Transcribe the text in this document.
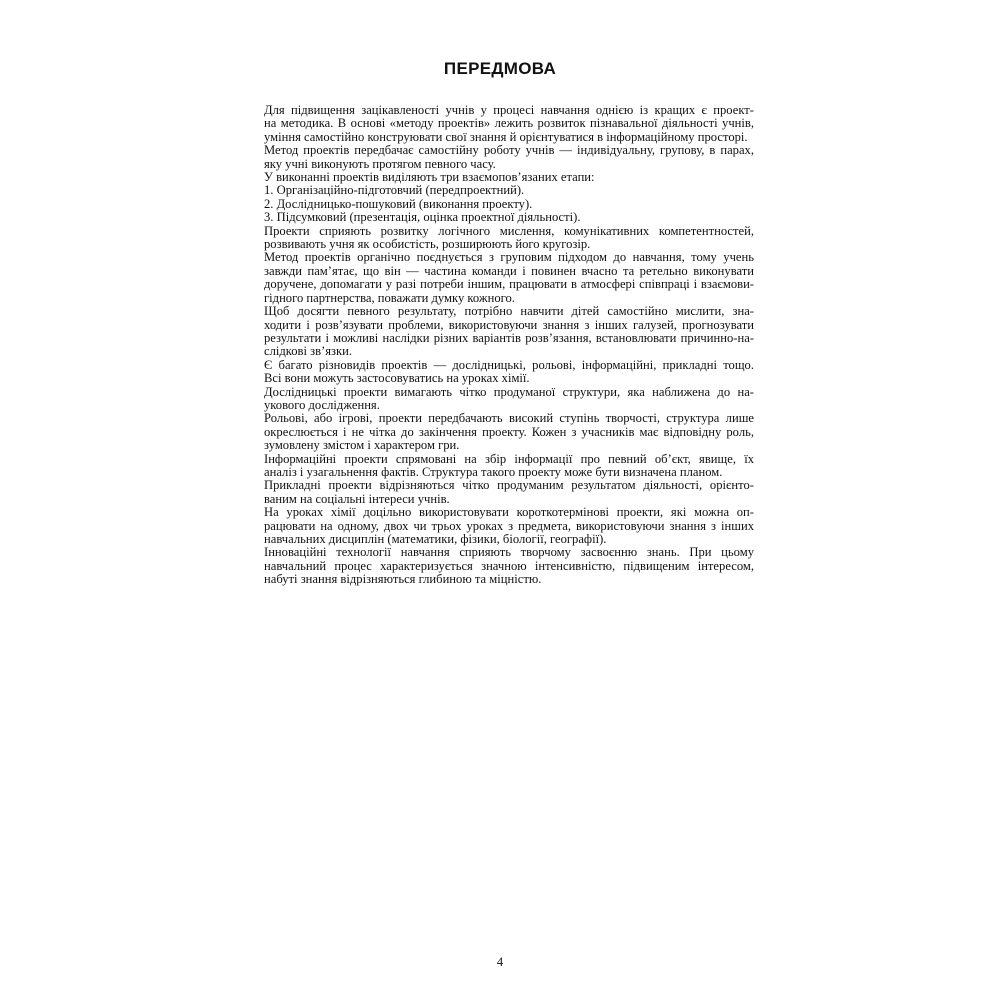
ПЕРЕДМОВА

Для підвищення зацікавленості учнів у процесі навчання однією із кращих є проект-
на методика. В основі «методу проектів» лежить розвиток пізнавальної діяльності учнів,
уміння самостійно конструювати свої знання й орієнтуватися в інформаційному просторі.

Метод проектів передбачає самостійну роботу учнів — індивідуальну, групову, в парах,
яку учні виконують протягом певного часу.

У виконанні проектів виділяють три взаємопов’язаних етапи:

1. Організаційно-підготовчий (передпроектний).

2. Дослідницько-пошуковий (виконання проекту).

3. Підсумковий (презентація, оцінка проектної діяльності).

Проекти сприяють розвитку логічного мислення, комунікативних компетентностей,
розвивають учня як особистість, розширюють його кругозір.

Метод проектів органічно поєднується з груповим підходом до навчання, тому учень
завжди пам’ятає, що він — частина команди і повинен вчасно та ретельно виконувати
доручене, допомагати у разі потреби іншим, працювати в атмосфері співпраці і взаємови-
гідного партнерства, поважати думку кожного.

Щоб досягти певного результату, потрібно навчити дітей самостійно мислити, зна-
ходити і розв’язувати проблеми, використовуючи знання з інших галузей, прогнозувати
результати і можливі наслідки різних варіантів розв’язання, встановлювати причинно-на-
слідкові зв’язки.

Є багато різновидів проектів — дослідницькі, рольові, інформаційні, прикладні тощо.
Всі вони можуть застосовуватись на уроках хімії.

Дослідницькі проекти вимагають чітко продуманої структури, яка наближена до на-
укового дослідження.

Рольові, або ігрові, проекти передбачають високий ступінь творчості, структура лише
окреслюється і не чітка до закінчення проекту. Кожен з учасників має відповідну роль,
зумовлену змістом і характером гри.

Інформаційні проекти спрямовані на збір інформації про певний об’єкт, явище, їх
аналіз і узагальнення фактів. Структура такого проекту може бути визначена планом.

Прикладні проекти відрізняються чітко продуманим результатом діяльності, орієнто-
ваним на соціальні інтереси учнів.

На уроках хімії доцільно використовувати короткотермінові проекти, які можна оп-
рацювати на одному, двох чи трьох уроках з предмета, використовуючи знання з інших
навчальних дисциплін (математики, фізики, біології, географії).

Інноваційні технології навчання сприяють творчому засвоєнню знань. При цьому
навчальний процес характеризується значною інтенсивністю, підвищеним інтересом,
набуті знання відрізняються глибиною та міцністю.

4
